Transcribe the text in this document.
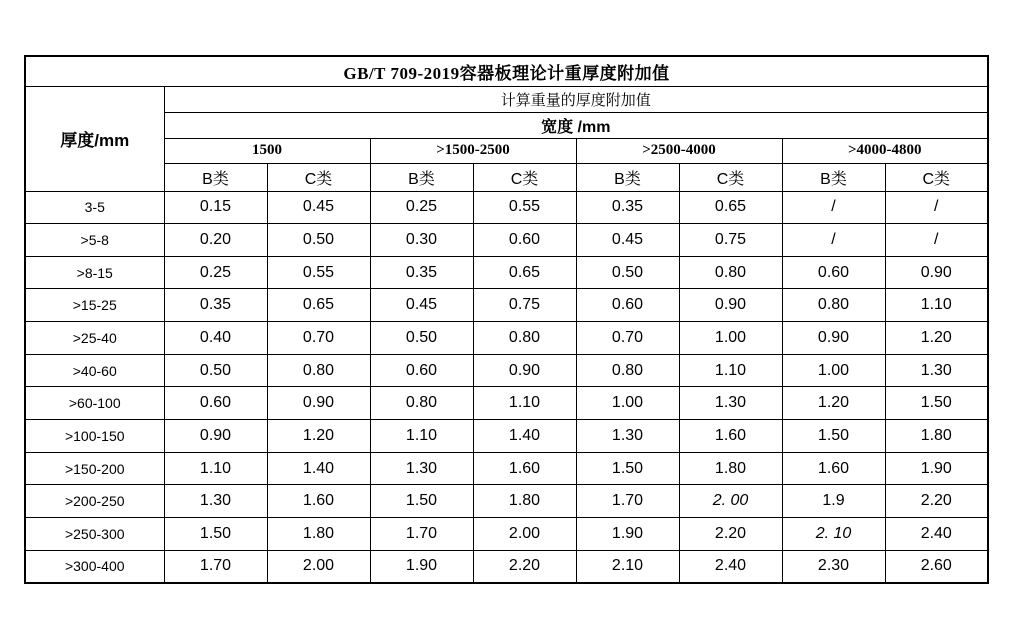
GB/T 709-2019容器板理论计重厚度附加值								
厚度/mm	计算重量的厚度附加值							
	宽度 /mm							
	1500		>1500-2500		>2500-4000		>4000-4800	
	B类	C类	B类	C类	B类	C类	B类	C类
3-5	0.15	0.45	0.25	0.55	0.35	0.65	/	/
>5-8	0.20	0.50	0.30	0.60	0.45	0.75	/	/
>8-15	0.25	0.55	0.35	0.65	0.50	0.80	0.60	0.90
>15-25	0.35	0.65	0.45	0.75	0.60	0.90	0.80	1.10
>25-40	0.40	0.70	0.50	0.80	0.70	1.00	0.90	1.20
>40-60	0.50	0.80	0.60	0.90	0.80	1.10	1.00	1.30
>60-100	0.60	0.90	0.80	1.10	1.00	1.30	1.20	1.50
>100-150	0.90	1.20	1.10	1.40	1.30	1.60	1.50	1.80
>150-200	1.10	1.40	1.30	1.60	1.50	1.80	1.60	1.90
>200-250	1.30	1.60	1.50	1.80	1.70	2. 00	1.9	2.20
>250-300	1.50	1.80	1.70	2.00	1.90	2.20	2. 10	2.40
>300-400	1.70	2.00	1.90	2.20	2.10	2.40	2.30	2.60
